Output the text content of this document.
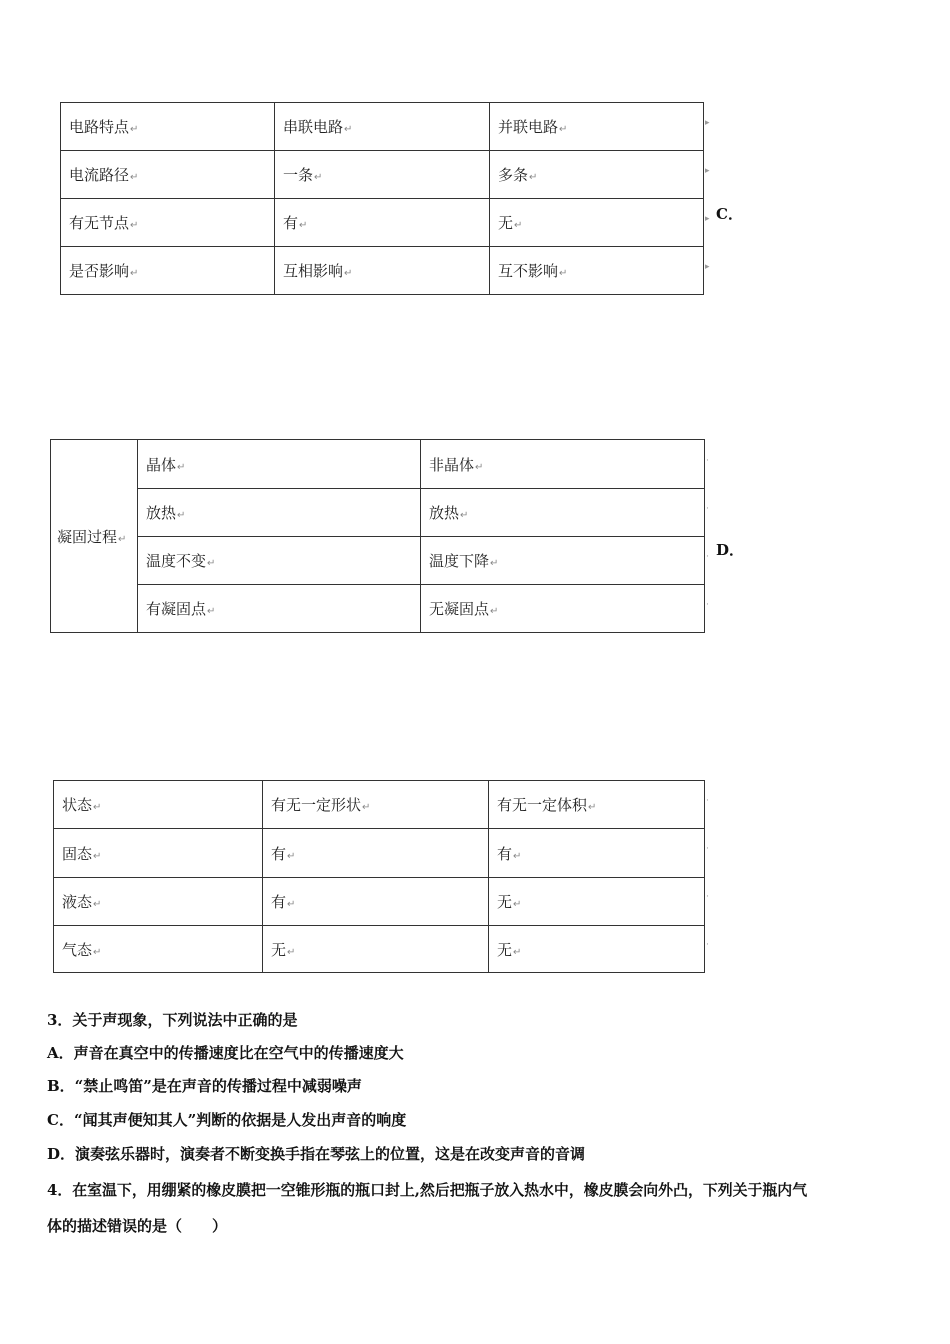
电路特点↵	串联电路↵	并联电路↵
电流路径↵	一条↵	多条↵
有无节点↵	有↵	无↵
是否影响↵	互相影响↵	互不影响↵
▸
▸
▸
▸
C．
凝固过程↵	晶体↵	非晶体↵
	放热↵	放热↵
	温度不变↵	温度下降↵
	有凝固点↵	无凝固点↵
·
·
·
·
D．
状态↵	有无一定形状↵	有无一定体积↵
固态↵	有↵	有↵
液态↵	有↵	无↵
气态↵	无↵	无↵
·
·
·
·
3．关于声现象，下列说法中正确的是
A．声音在真空中的传播速度比在空气中的传播速度大
B．“禁止鸣笛”是在声音的传播过程中减弱噪声
C．“闻其声便知其人”判断的依据是人发出声音的响度
D．演奏弦乐器时，演奏者不断变换手指在琴弦上的位置，这是在改变声音的音调
4．在室温下，用绷紧的橡皮膜把一空锥形瓶的瓶口封上,然后把瓶子放入热水中，橡皮膜会向外凸，下列关于瓶内气
体的描述错误的是（　　）
